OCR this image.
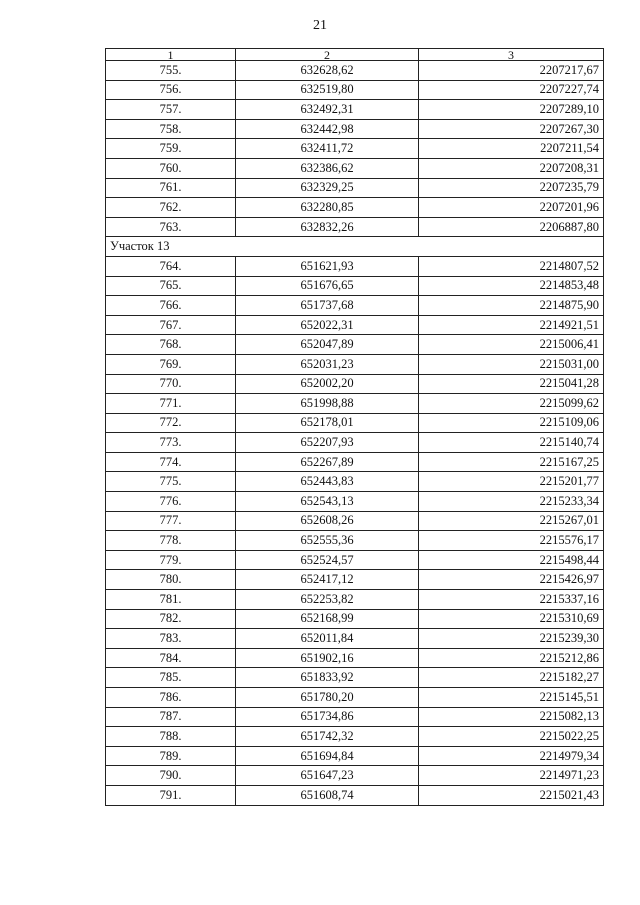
21
1	2	3
755.	632628,62	2207217,67
756.	632519,80	2207227,74
757.	632492,31	2207289,10
758.	632442,98	2207267,30
759.	632411,72	2207211,54
760.	632386,62	2207208,31
761.	632329,25	2207235,79
762.	632280,85	2207201,96
763.	632832,26	2206887,80
Участок 13		
764.	651621,93	2214807,52
765.	651676,65	2214853,48
766.	651737,68	2214875,90
767.	652022,31	2214921,51
768.	652047,89	2215006,41
769.	652031,23	2215031,00
770.	652002,20	2215041,28
771.	651998,88	2215099,62
772.	652178,01	2215109,06
773.	652207,93	2215140,74
774.	652267,89	2215167,25
775.	652443,83	2215201,77
776.	652543,13	2215233,34
777.	652608,26	2215267,01
778.	652555,36	2215576,17
779.	652524,57	2215498,44
780.	652417,12	2215426,97
781.	652253,82	2215337,16
782.	652168,99	2215310,69
783.	652011,84	2215239,30
784.	651902,16	2215212,86
785.	651833,92	2215182,27
786.	651780,20	2215145,51
787.	651734,86	2215082,13
788.	651742,32	2215022,25
789.	651694,84	2214979,34
790.	651647,23	2214971,23
791.	651608,74	2215021,43
